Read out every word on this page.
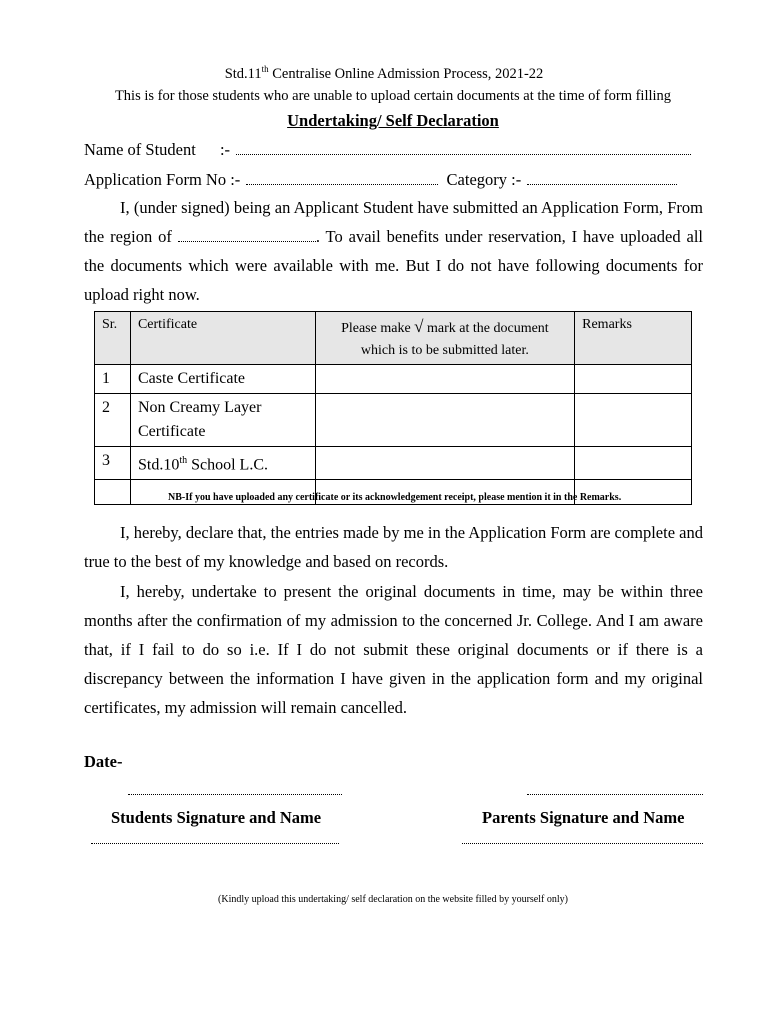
Std.11th Centralise Online Admission Process, 2021-22
This is for those students who are unable to upload certain documents at the time of form filling
Undertaking/ Self Declaration
Name of Student :-
Application Form No :-	Category :-
I, (under signed) being an Applicant Student have submitted an Application Form, From the region of	. To avail benefits under reservation, I have uploaded all the documents which were available with me. But I do not have following documents for upload right now.
Sr.	Certificate	Please make √ mark at the document which is to be submitted later.	Remarks
1	Caste Certificate		
2	Non Creamy Layer Certificate		
3	Std.10th School L.C.		

NB-If you have uploaded any certificate or its acknowledgement receipt, please mention it in the Remarks.
I, hereby, declare that, the entries made by me in the Application Form are complete and true to the best of my knowledge and based on records.
I, hereby, undertake to present the original documents in time, may be within three months after the confirmation of my admission to the concerned Jr. College. And I am aware that, if I fail to do so i.e. If I do not submit these original documents or if there is a discrepancy between the information I have given in the application form and my original certificates, my admission will remain cancelled.
Date-
Students Signature and Name	Parents Signature and Name
(Kindly upload this undertaking/ self declaration on the website filled by yourself only)
